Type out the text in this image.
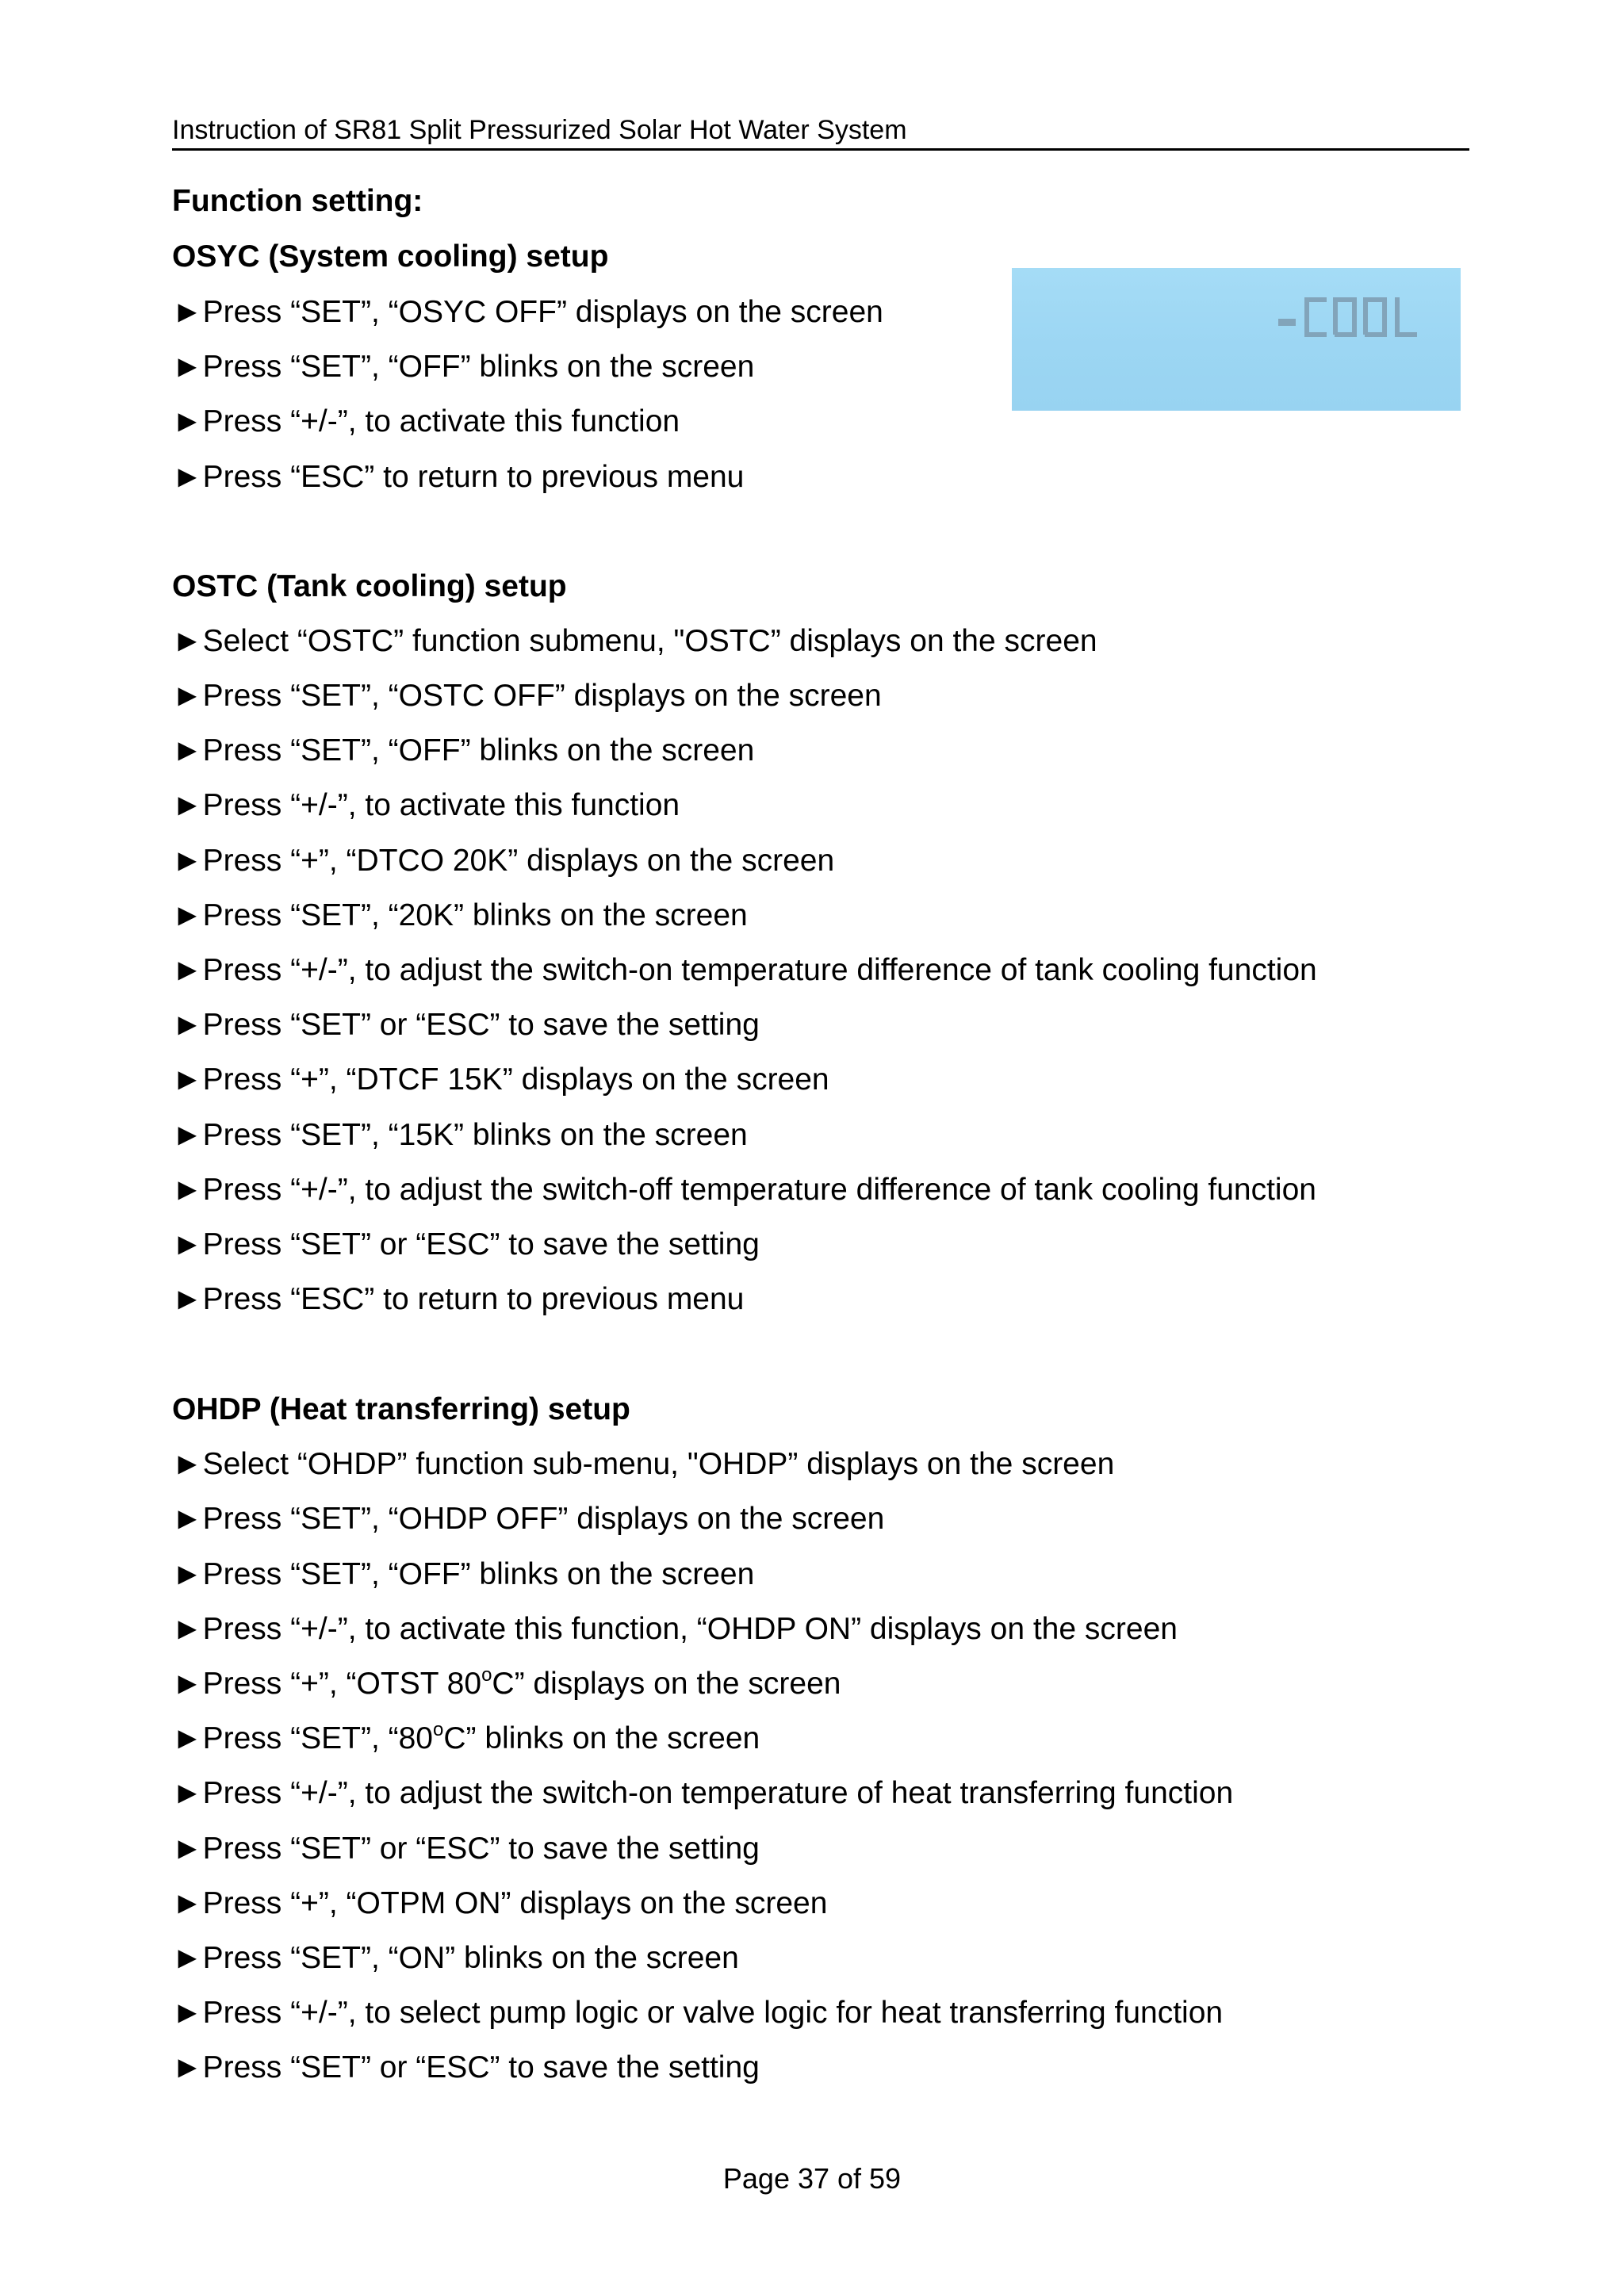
Instruction of SR81 Split Pressurized Solar Hot Water System
Function setting:
OSYC (System cooling) setup
►Press “SET”, “OSYC OFF” displays on the screen
►Press “SET”, “OFF” blinks on the screen
►Press “+/-”, to activate this function
►Press “ESC” to return to previous menu
OSTC (Tank cooling) setup
►Select “OSTC” function submenu, "OSTC” displays on the screen
►Press “SET”, “OSTC OFF” displays on the screen
►Press “SET”, “OFF” blinks on the screen
►Press “+/-”, to activate this function
►Press “+”, “DTCO 20K” displays on the screen
►Press “SET”, “20K” blinks on the screen
►Press “+/-”, to adjust the switch-on temperature difference of tank cooling function
►Press “SET” or “ESC” to save the setting
►Press “+”, “DTCF 15K” displays on the screen
►Press “SET”, “15K” blinks on the screen
►Press “+/-”, to adjust the switch-off temperature difference of tank cooling function
►Press “SET” or “ESC” to save the setting
►Press “ESC” to return to previous menu
OHDP (Heat transferring) setup
►Select “OHDP” function sub-menu, "OHDP” displays on the screen
►Press “SET”, “OHDP OFF” displays on the screen
►Press “SET”, “OFF” blinks on the screen
►Press “+/-”, to activate this function, “OHDP ON” displays on the screen
►Press “+”, “OTST 80$^o$C” displays on the screen
►Press “SET”, “80$^o$C” blinks on the screen
►Press “+/-”, to adjust the switch-on temperature of heat transferring function
►Press “SET” or “ESC” to save the setting
►Press “+”, “OTPM ON” displays on the screen
►Press “SET”, “ON” blinks on the screen
►Press “+/-”, to select pump logic or valve logic for heat transferring function
►Press “SET” or “ESC” to save the setting
Page 37 of 59
